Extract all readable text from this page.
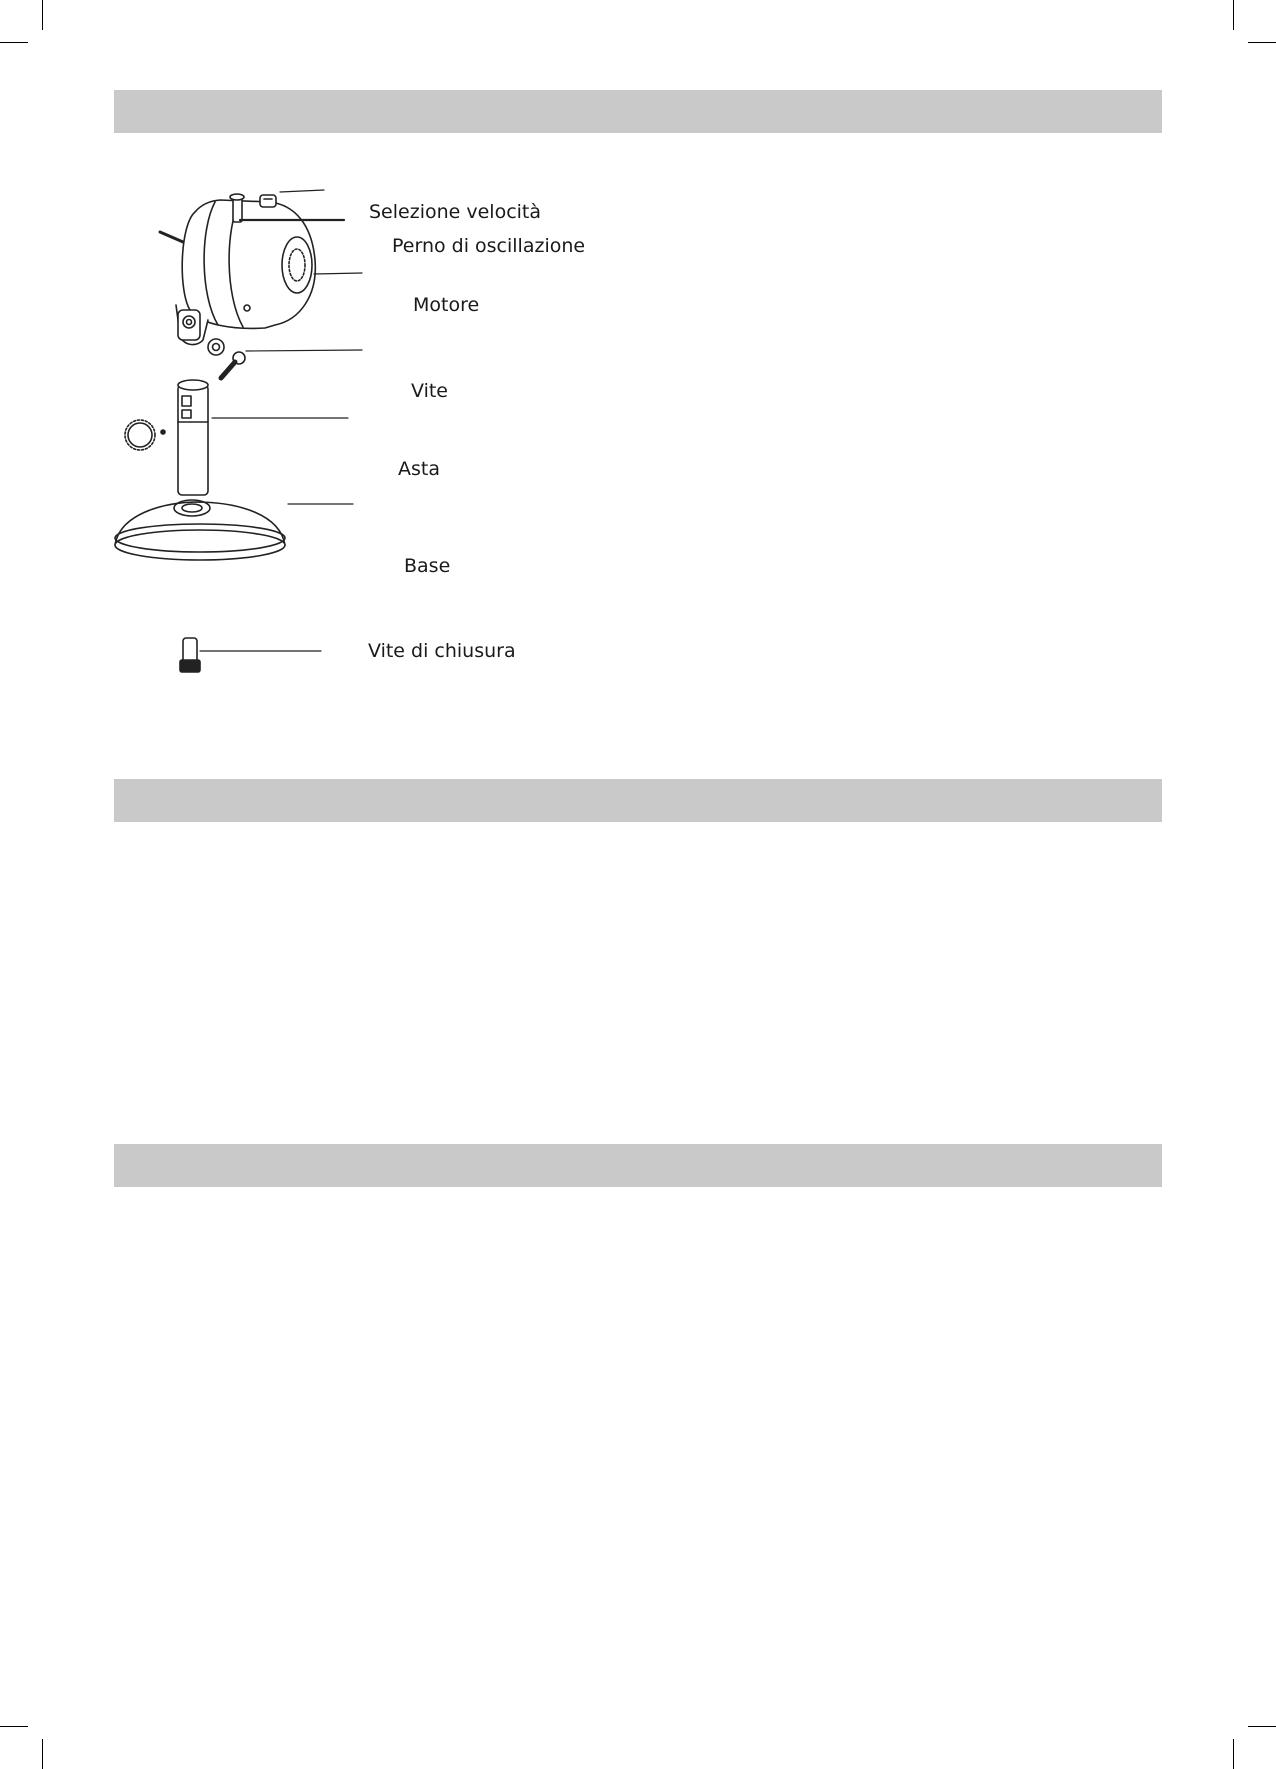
Selezione velocità
Perno di oscillazione
Motore
Vite
Asta
Base
Vite di chiusura
